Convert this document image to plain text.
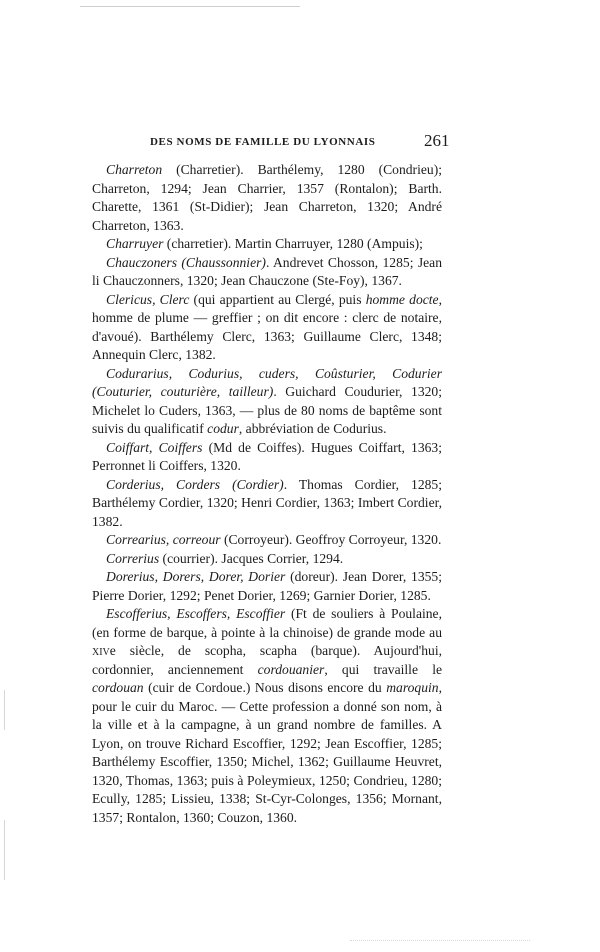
DES NOMS DE FAMILLE DU LYONNAIS	261

Charreton (Charretier). Barthélemy, 1280 (Condrieu); Charreton, 1294; Jean Charrier, 1357 (Rontalon); Barth. Charette, 1361 (St-Didier); Jean Charreton, 1320; André Charreton, 1363.

Charruyer (charretier). Martin Charruyer, 1280 (Ampuis);

Chauczoners (Chaussonnier). Andrevet Chosson, 1285; Jean li Chauczonners, 1320; Jean Chauczone (Ste-Foy), 1367.

Clericus, Clerc (qui appartient au Clergé, puis homme docte, homme de plume — greffier ; on dit encore : clerc de notaire, d'avoué). Barthélemy Clerc, 1363; Guillaume Clerc, 1348; Annequin Clerc, 1382.

Codurarius, Codurius, cuders, Coûsturier, Codurier (Couturier, couturière, tailleur). Guichard Coudurier, 1320; Michelet lo Cuders, 1363, — plus de 80 noms de baptême sont suivis du qualificatif codur, abbréviation de Codurius.

Coiffart, Coiffers (Md de Coiffes). Hugues Coiffart, 1363; Perronnet li Coiffers, 1320.

Corderius, Corders (Cordier). Thomas Cordier, 1285; Barthélemy Cordier, 1320; Henri Cordier, 1363; Imbert Cordier, 1382.

Correarius, correour (Corroyeur). Geoffroy Corroyeur, 1320.

Correrius (courrier). Jacques Corrier, 1294.

Dorerius, Dorers, Dorer, Dorier (doreur). Jean Dorer, 1355; Pierre Dorier, 1292; Penet Dorier, 1269; Garnier Dorier, 1285.

Escofferius, Escoffers, Escoffier (Ft de souliers à Poulaine, (en forme de barque, à pointe à la chinoise) de grande mode au xive siècle, de scopha, scapha (barque). Aujourd'hui, cordonnier, anciennement cordouanier, qui travaille le cordouan (cuir de Cordoue.) Nous disons encore du maroquin, pour le cuir du Maroc. — Cette profession a donné son nom, à la ville et à la campagne, à un grand nombre de familles. A Lyon, on trouve Richard Escoffier, 1292; Jean Escoffier, 1285; Barthélemy Escoffier, 1350; Michel, 1362; Guillaume Heuvret, 1320, Thomas, 1363; puis à Poleymieux, 1250; Condrieu, 1280; Ecully, 1285; Lissieu, 1338; St-Cyr-Colonges, 1356; Mornant, 1357; Rontalon, 1360; Couzon, 1360.
